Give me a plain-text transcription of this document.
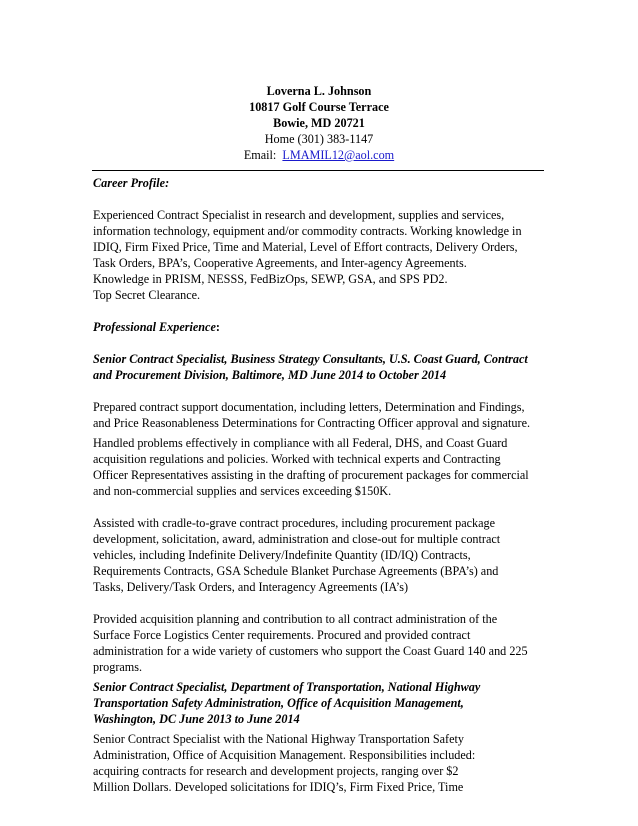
Loverna L. Johnson
10817 Golf Course Terrace
Bowie, MD 20721
Home (301) 383-1147
Email: LMAMIL12@aol.com

Career Profile:

Experienced Contract Specialist in research and development, supplies and services,

information technology, equipment and/or commodity contracts. Working knowledge in

IDIQ, Firm Fixed Price, Time and Material, Level of Effort contracts, Delivery Orders,

Task Orders, BPA’s, Cooperative Agreements, and Inter-agency Agreements.

Knowledge in PRISM, NESSS, FedBizOps, SEWP, GSA, and SPS PD2.

Top Secret Clearance.

Professional Experience:

Senior Contract Specialist, Business Strategy Consultants, U.S. Coast Guard, Contract

and Procurement Division, Baltimore, MD June 2014 to October 2014

Prepared contract support documentation, including letters, Determination and Findings,

and Price Reasonableness Determinations for Contracting Officer approval and signature.

Handled problems effectively in compliance with all Federal, DHS, and Coast Guard

acquisition regulations and policies. Worked with technical experts and Contracting

Officer Representatives assisting in the drafting of procurement packages for commercial

and non-commercial supplies and services exceeding $150K.

Assisted with cradle-to-grave contract procedures, including procurement package

development, solicitation, award, administration and close-out for multiple contract

vehicles, including Indefinite Delivery/Indefinite Quantity (ID/IQ) Contracts,

Requirements Contracts, GSA Schedule Blanket Purchase Agreements (BPA’s) and

Tasks, Delivery/Task Orders, and Interagency Agreements (IA’s)

Provided acquisition planning and contribution to all contract administration of the

Surface Force Logistics Center requirements. Procured and provided contract

administration for a wide variety of customers who support the Coast Guard 140 and 225

programs.

Senior Contract Specialist, Department of Transportation, National Highway

Transportation Safety Administration, Office of Acquisition Management,

Washington, DC June 2013 to June 2014

Senior Contract Specialist with the National Highway Transportation Safety

Administration, Office of Acquisition Management. Responsibilities included:

acquiring contracts for research and development projects, ranging over $2

Million Dollars. Developed solicitations for IDIQ’s, Firm Fixed Price, Time
